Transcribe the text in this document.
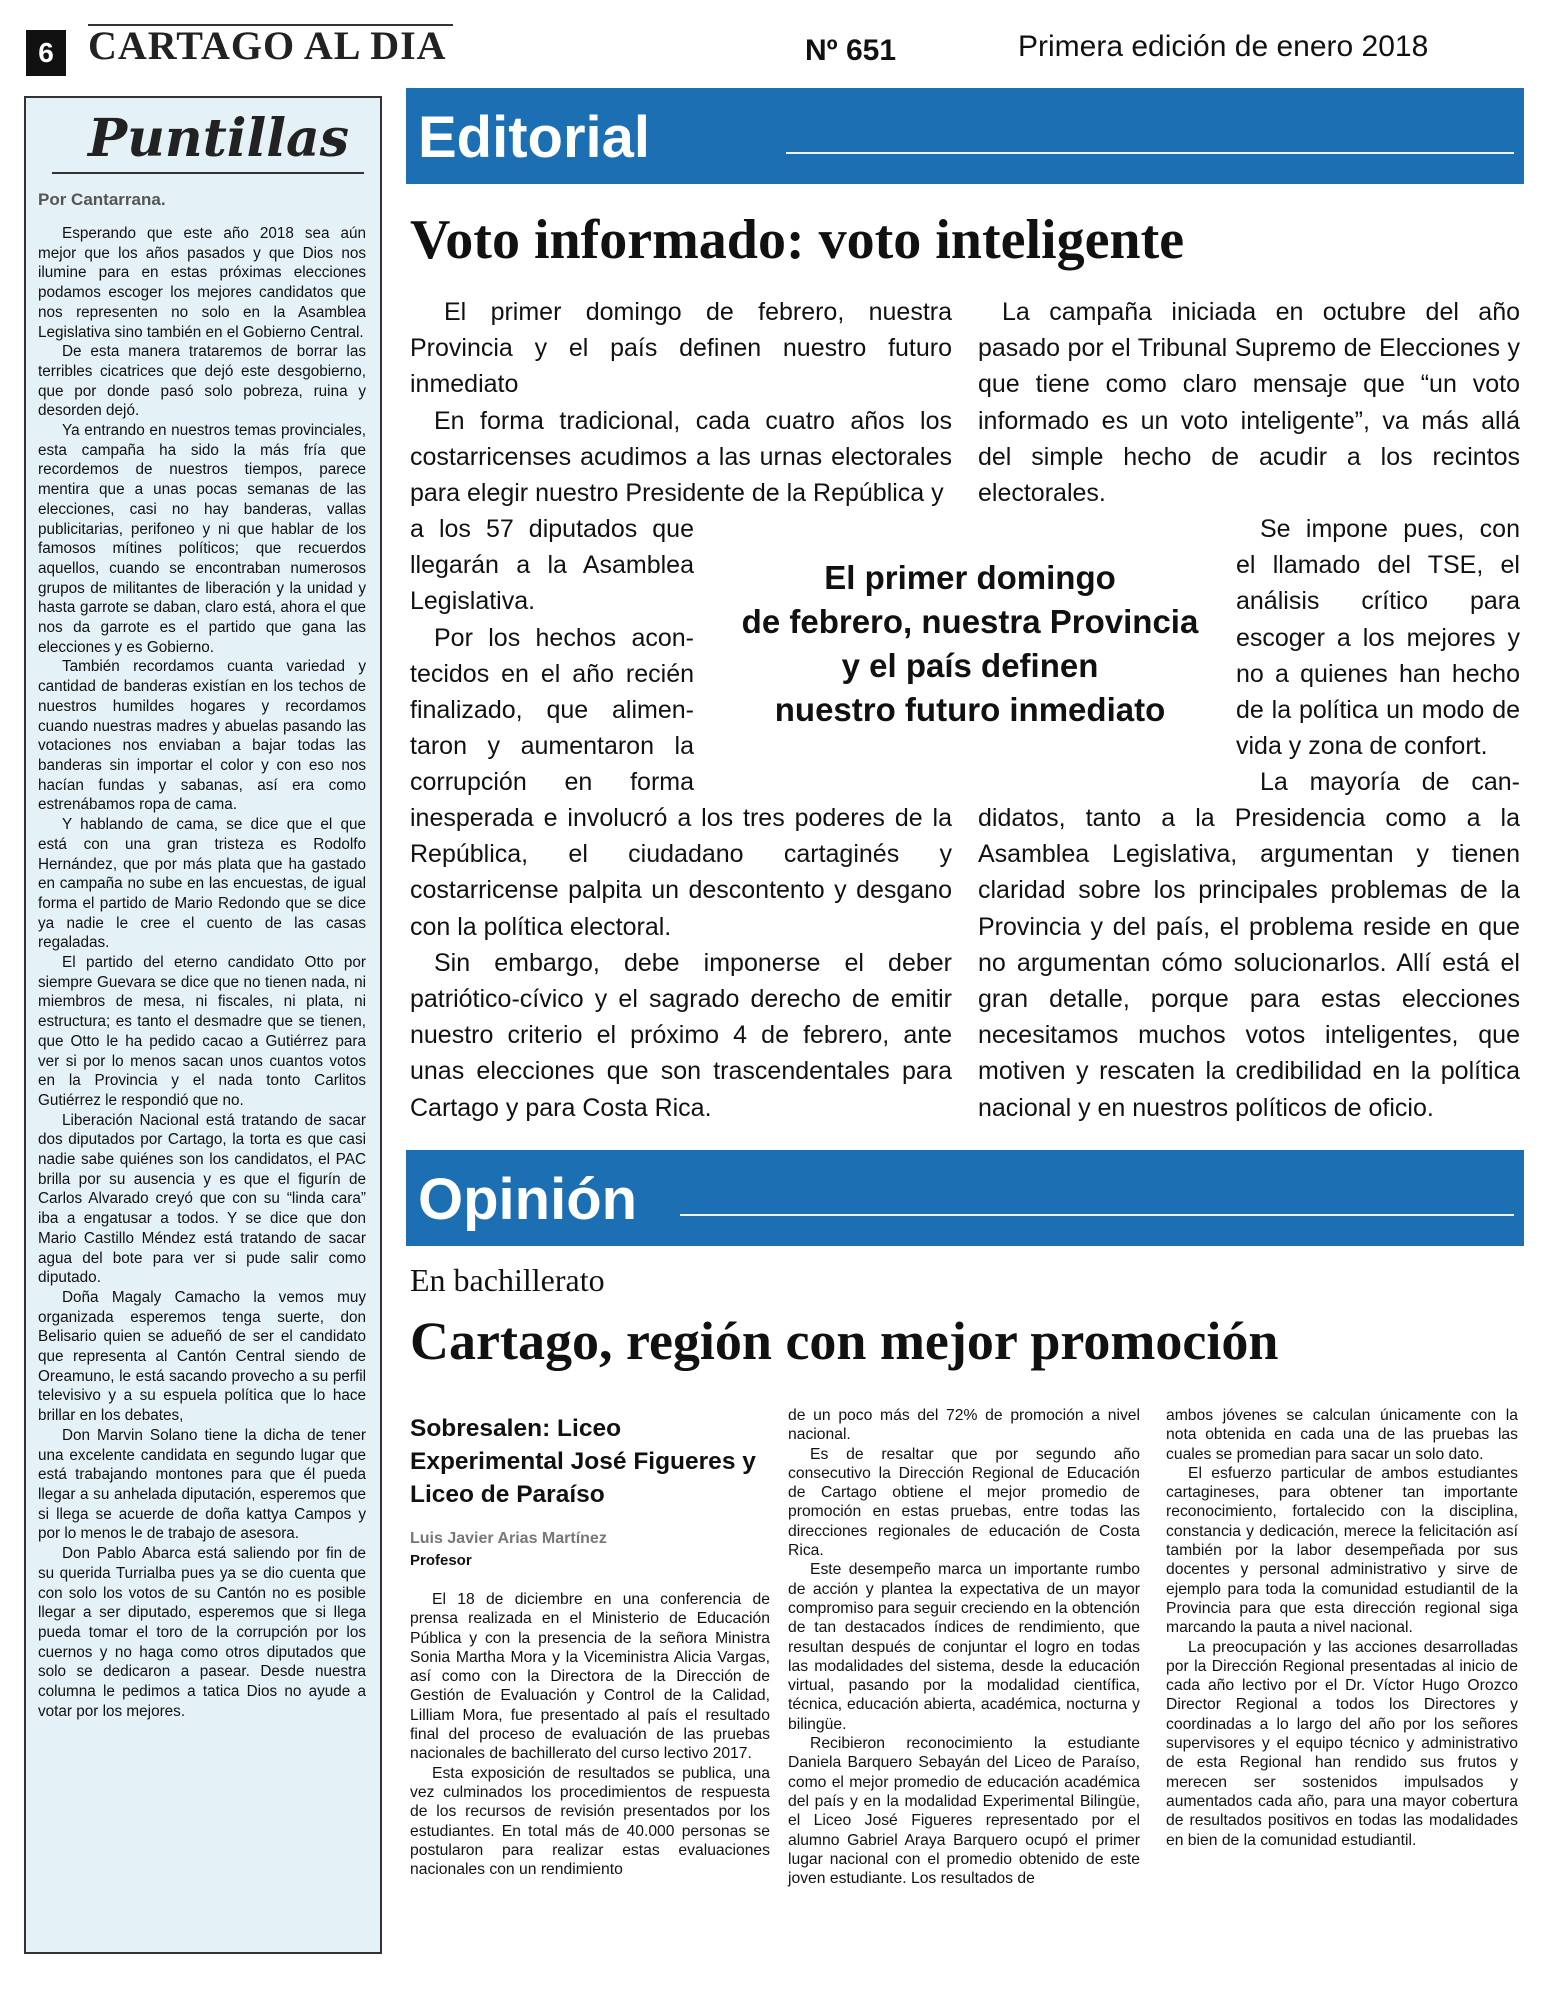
6 CARTAGO AL DIA	Nº 651	Primera edición de enero 2018
Puntillas
Por Cantarrana.

Esperando que este año 2018 sea aún mejor que los años pasados y que Dios nos ilumine para en estas próximas elecciones podamos escoger los mejores candidatos que nos representen no solo en la Asamblea Legislativa sino también en el Gobierno Central.

De esta manera trataremos de borrar las terribles cicatrices que dejó este desgobierno, que por donde pasó solo pobreza, ruina y desorden dejó.

Ya entrando en nuestros temas provinciales, esta campaña ha sido la más fría que recordemos de nuestros tiempos, parece mentira que a unas pocas semanas de las elecciones, casi no hay banderas, vallas publicitarias, perifoneo y ni que hablar de los famosos mítines políticos; que recuerdos aquellos, cuando se encontraban numerosos grupos de militantes de liberación y la unidad y hasta garrote se daban, claro está, ahora el que nos da garrote es el partido que gana las elecciones y es Gobierno.

También recordamos cuanta variedad y cantidad de banderas existían en los techos de nuestros humildes hogares y recordamos cuando nuestras madres y abuelas pasando las votaciones nos enviaban a bajar todas las banderas sin importar el color y con eso nos hacían fundas y sabanas, así era como estrenábamos ropa de cama.

Y hablando de cama, se dice que el que está con una gran tristeza es Rodolfo Hernández, que por más plata que ha gastado en campaña no sube en las encuestas, de igual forma el partido de Mario Redondo que se dice ya nadie le cree el cuento de las casas regaladas.

El partido del eterno candidato Otto por siempre Guevara se dice que no tienen nada, ni miembros de mesa, ni fiscales, ni plata, ni estructura; es tanto el desmadre que se tienen, que Otto le ha pedido cacao a Gutiérrez para ver si por lo menos sacan unos cuantos votos en la Provincia y el nada tonto Carlitos Gutiérrez le respondió que no.

Liberación Nacional está tratando de sacar dos diputados por Cartago, la torta es que casi nadie sabe quiénes son los candidatos, el PAC brilla por su ausencia y es que el figurín de Carlos Alvarado creyó que con su “linda cara” iba a engatusar a todos. Y se dice que don Mario Castillo Méndez está tratando de sacar agua del bote para ver si pude salir como diputado.

Doña Magaly Camacho la vemos muy organizada esperemos tenga suerte, don Belisario quien se adueñó de ser el candidato que representa al Cantón Central siendo de Oreamuno, le está sacando provecho a su perfil televisivo y a su espuela política que lo hace brillar en los debates,

Don Marvin Solano tiene la dicha de tener una excelente candidata en segundo lugar que está trabajando montones para que él pueda llegar a su anhelada diputación, esperemos que si llega se acuerde de doña kattya Campos y por lo menos le de trabajo de asesora.

Don Pablo Abarca está saliendo por fin de su querida Turrialba pues ya se dio cuenta que con solo los votos de su Cantón no es posible llegar a ser diputado, esperemos que si llega pueda tomar el toro de la corrupción por los cuernos y no haga como otros diputados que solo se dedicaron a pasear. Desde nuestra columna le pedimos a tatica Dios no ayude a votar por los mejores.

Editorial
Voto informado: voto inteligente

El primer domingo de febrero, nuestra Provincia y el país definen nuestro futuro inmediato

En forma tradicional, cada cuatro años los costarricenses acudimos a las urnas electorales para elegir nuestro Presidente de la República y

a los 57 diputados que
llegarán a la Asamblea
Legislativa.
Por los hechos acon-
tecidos en el año recién
finalizado, que alimen-
taron y aumentaron la
corrupción en forma

inesperada e involucró a los tres poderes de la República, el ciudadano cartaginés y costarricense palpita un descontento y desgano con la política electoral.

Sin embargo, debe imponerse el deber patriótico-cívico y el sagrado derecho de emitir nuestro criterio el próximo 4 de febrero, ante unas elecciones que son trascendentales para Cartago y para Costa Rica.

El primer domingo
de febrero, nuestra Provincia
y el país definen
nuestro futuro inmediato

La campaña iniciada en octubre del año pasado por el Tribunal Supremo de Elecciones y que tiene como claro mensaje que “un voto informado es un voto inteligente”, va más allá del simple hecho de acudir a los recintos electorales.

Se impone pues, con
el llamado del TSE, el
análisis crítico para
escoger a los mejores y
no a quienes han hecho
de la política un modo de
vida y zona de confort.
La mayoría de can-

didatos, tanto a la Presidencia como a la Asamblea Legislativa, argumentan y tienen claridad sobre los principales problemas de la Provincia y del país, el problema reside en que no argumentan cómo solucionarlos. Allí está el gran detalle, porque para estas elecciones necesitamos muchos votos inteligentes, que motiven y rescaten la credibilidad en la política nacional y en nuestros políticos de oficio.

Opinión
En bachillerato
Cartago, región con mejor promoción
Sobresalen: Liceo Experimental José Figueres y Liceo de Paraíso
Luis Javier Arias Martínez
Profesor

El 18 de diciembre en una conferencia de prensa realizada en el Ministerio de Educación Pública y con la presencia de la señora Ministra Sonia Martha Mora y la Viceministra Alicia Vargas, así como con la Directora de la Dirección de Gestión de Evaluación y Control de la Calidad, Lilliam Mora, fue presentado al país el resultado final del proceso de evaluación de las pruebas nacionales de bachillerato del curso lectivo 2017.

Esta exposición de resultados se publica, una vez culminados los procedimientos de respuesta de los recursos de revisión presentados por los estudiantes. En total más de 40.000 personas se postularon para realizar estas evaluaciones nacionales con un rendimiento

de un poco más del 72% de promoción a nivel nacional.

Es de resaltar que por segundo año consecutivo la Dirección Regional de Educación de Cartago obtiene el mejor promedio de promoción en estas pruebas, entre todas las direcciones regionales de educación de Costa Rica.

Este desempeño marca un importante rumbo de acción y plantea la expectativa de un mayor compromiso para seguir creciendo en la obtención de tan destacados índices de rendimiento, que resultan después de conjuntar el logro en todas las modalidades del sistema, desde la educación virtual, pasando por la modalidad científica, técnica, educación abierta, académica, nocturna y bilingüe.

Recibieron reconocimiento la estudiante Daniela Barquero Sebayán del Liceo de Paraíso, como el mejor promedio de educación académica del país y en la modalidad Experimental Bilingüe, el Liceo José Figueres representado por el alumno Gabriel Araya Barquero ocupó el primer lugar nacional con el promedio obtenido de este joven estudiante. Los resultados de

ambos jóvenes se calculan únicamente con la nota obtenida en cada una de las pruebas las cuales se promedian para sacar un solo dato.

El esfuerzo particular de ambos estudiantes cartagineses, para obtener tan importante reconocimiento, fortalecido con la disciplina, constancia y dedicación, merece la felicitación así también por la labor desempeñada por sus docentes y personal administrativo y sirve de ejemplo para toda la comunidad estudiantil de la Provincia para que esta dirección regional siga marcando la pauta a nivel nacional.

La preocupación y las acciones desarrolladas por la Dirección Regional presentadas al inicio de cada año lectivo por el Dr. Víctor Hugo Orozco Director Regional a todos los Directores y coordinadas a lo largo del año por los señores supervisores y el equipo técnico y administrativo de esta Regional han rendido sus frutos y merecen ser sostenidos impulsados y aumentados cada año, para una mayor cobertura de resultados positivos en todas las modalidades en bien de la comunidad estudiantil.
